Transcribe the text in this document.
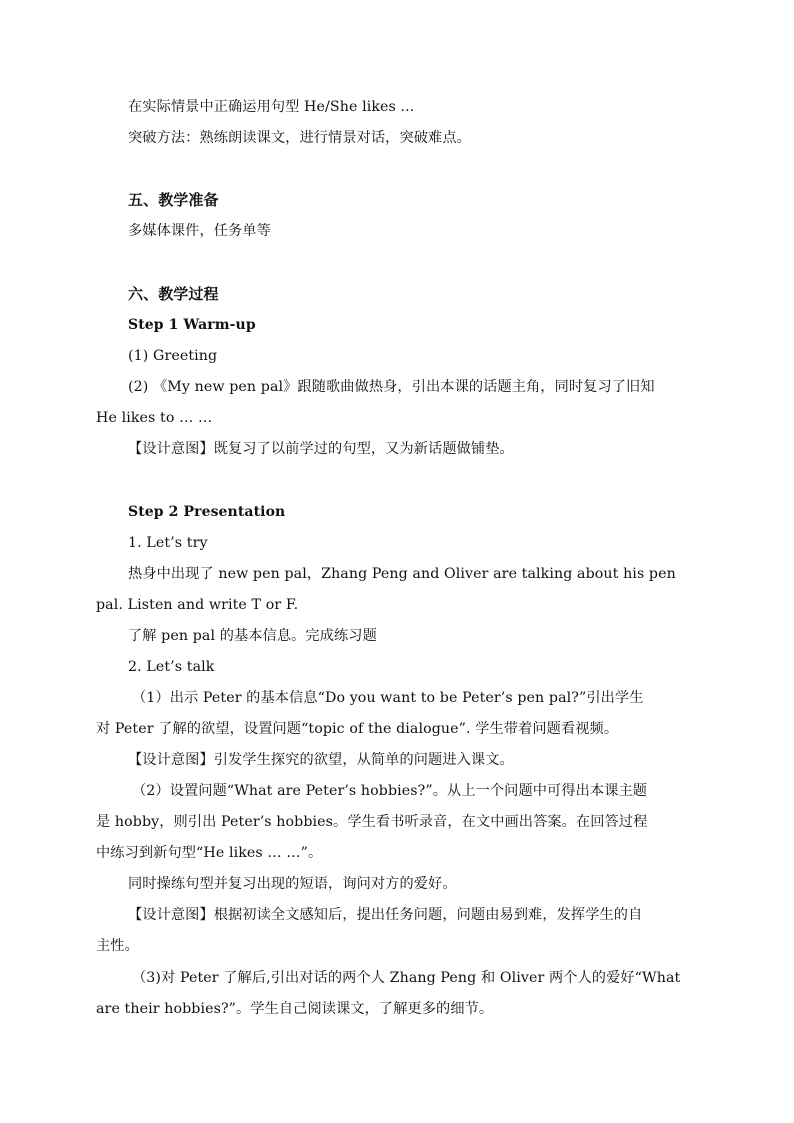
在实际情景中正确运用句型 He/She likes ...
突破方法：熟练朗读课文，进行情景对话，突破难点。
五、教学准备
多媒体课件，任务单等
六、教学过程
Step 1 Warm-up
(1) Greeting
(2) 《My new pen pal》跟随歌曲做热身，引出本课的话题主角，同时复习了旧知
He likes to … …
【设计意图】既复习了以前学过的句型，又为新话题做铺垫。
Step 2 Presentation
1. Let’s try
热身中出现了 new pen pal，Zhang Peng and Oliver are talking about his pen
pal. Listen and write T or F.
了解 pen pal 的基本信息。完成练习题
2. Let’s talk
（1）出示 Peter 的基本信息“Do you want to be Peter’s pen pal?”引出学生
对 Peter 了解的欲望，设置问题“topic of the dialogue”. 学生带着问题看视频。
【设计意图】引发学生探究的欲望，从简单的问题进入课文。
（2）设置问题“What are Peter’s hobbies?”。从上一个问题中可得出本课主题
是 hobby，则引出 Peter’s hobbies。学生看书听录音，在文中画出答案。在回答过程
中练习到新句型“He likes … …”。
同时操练句型并复习出现的短语，询问对方的爱好。
【设计意图】根据初读全文感知后，提出任务问题，问题由易到难，发挥学生的自
主性。
（3)对 Peter 了解后,引出对话的两个人 Zhang Peng 和 Oliver 两个人的爱好“What
are their hobbies?”。学生自己阅读课文，了解更多的细节。
